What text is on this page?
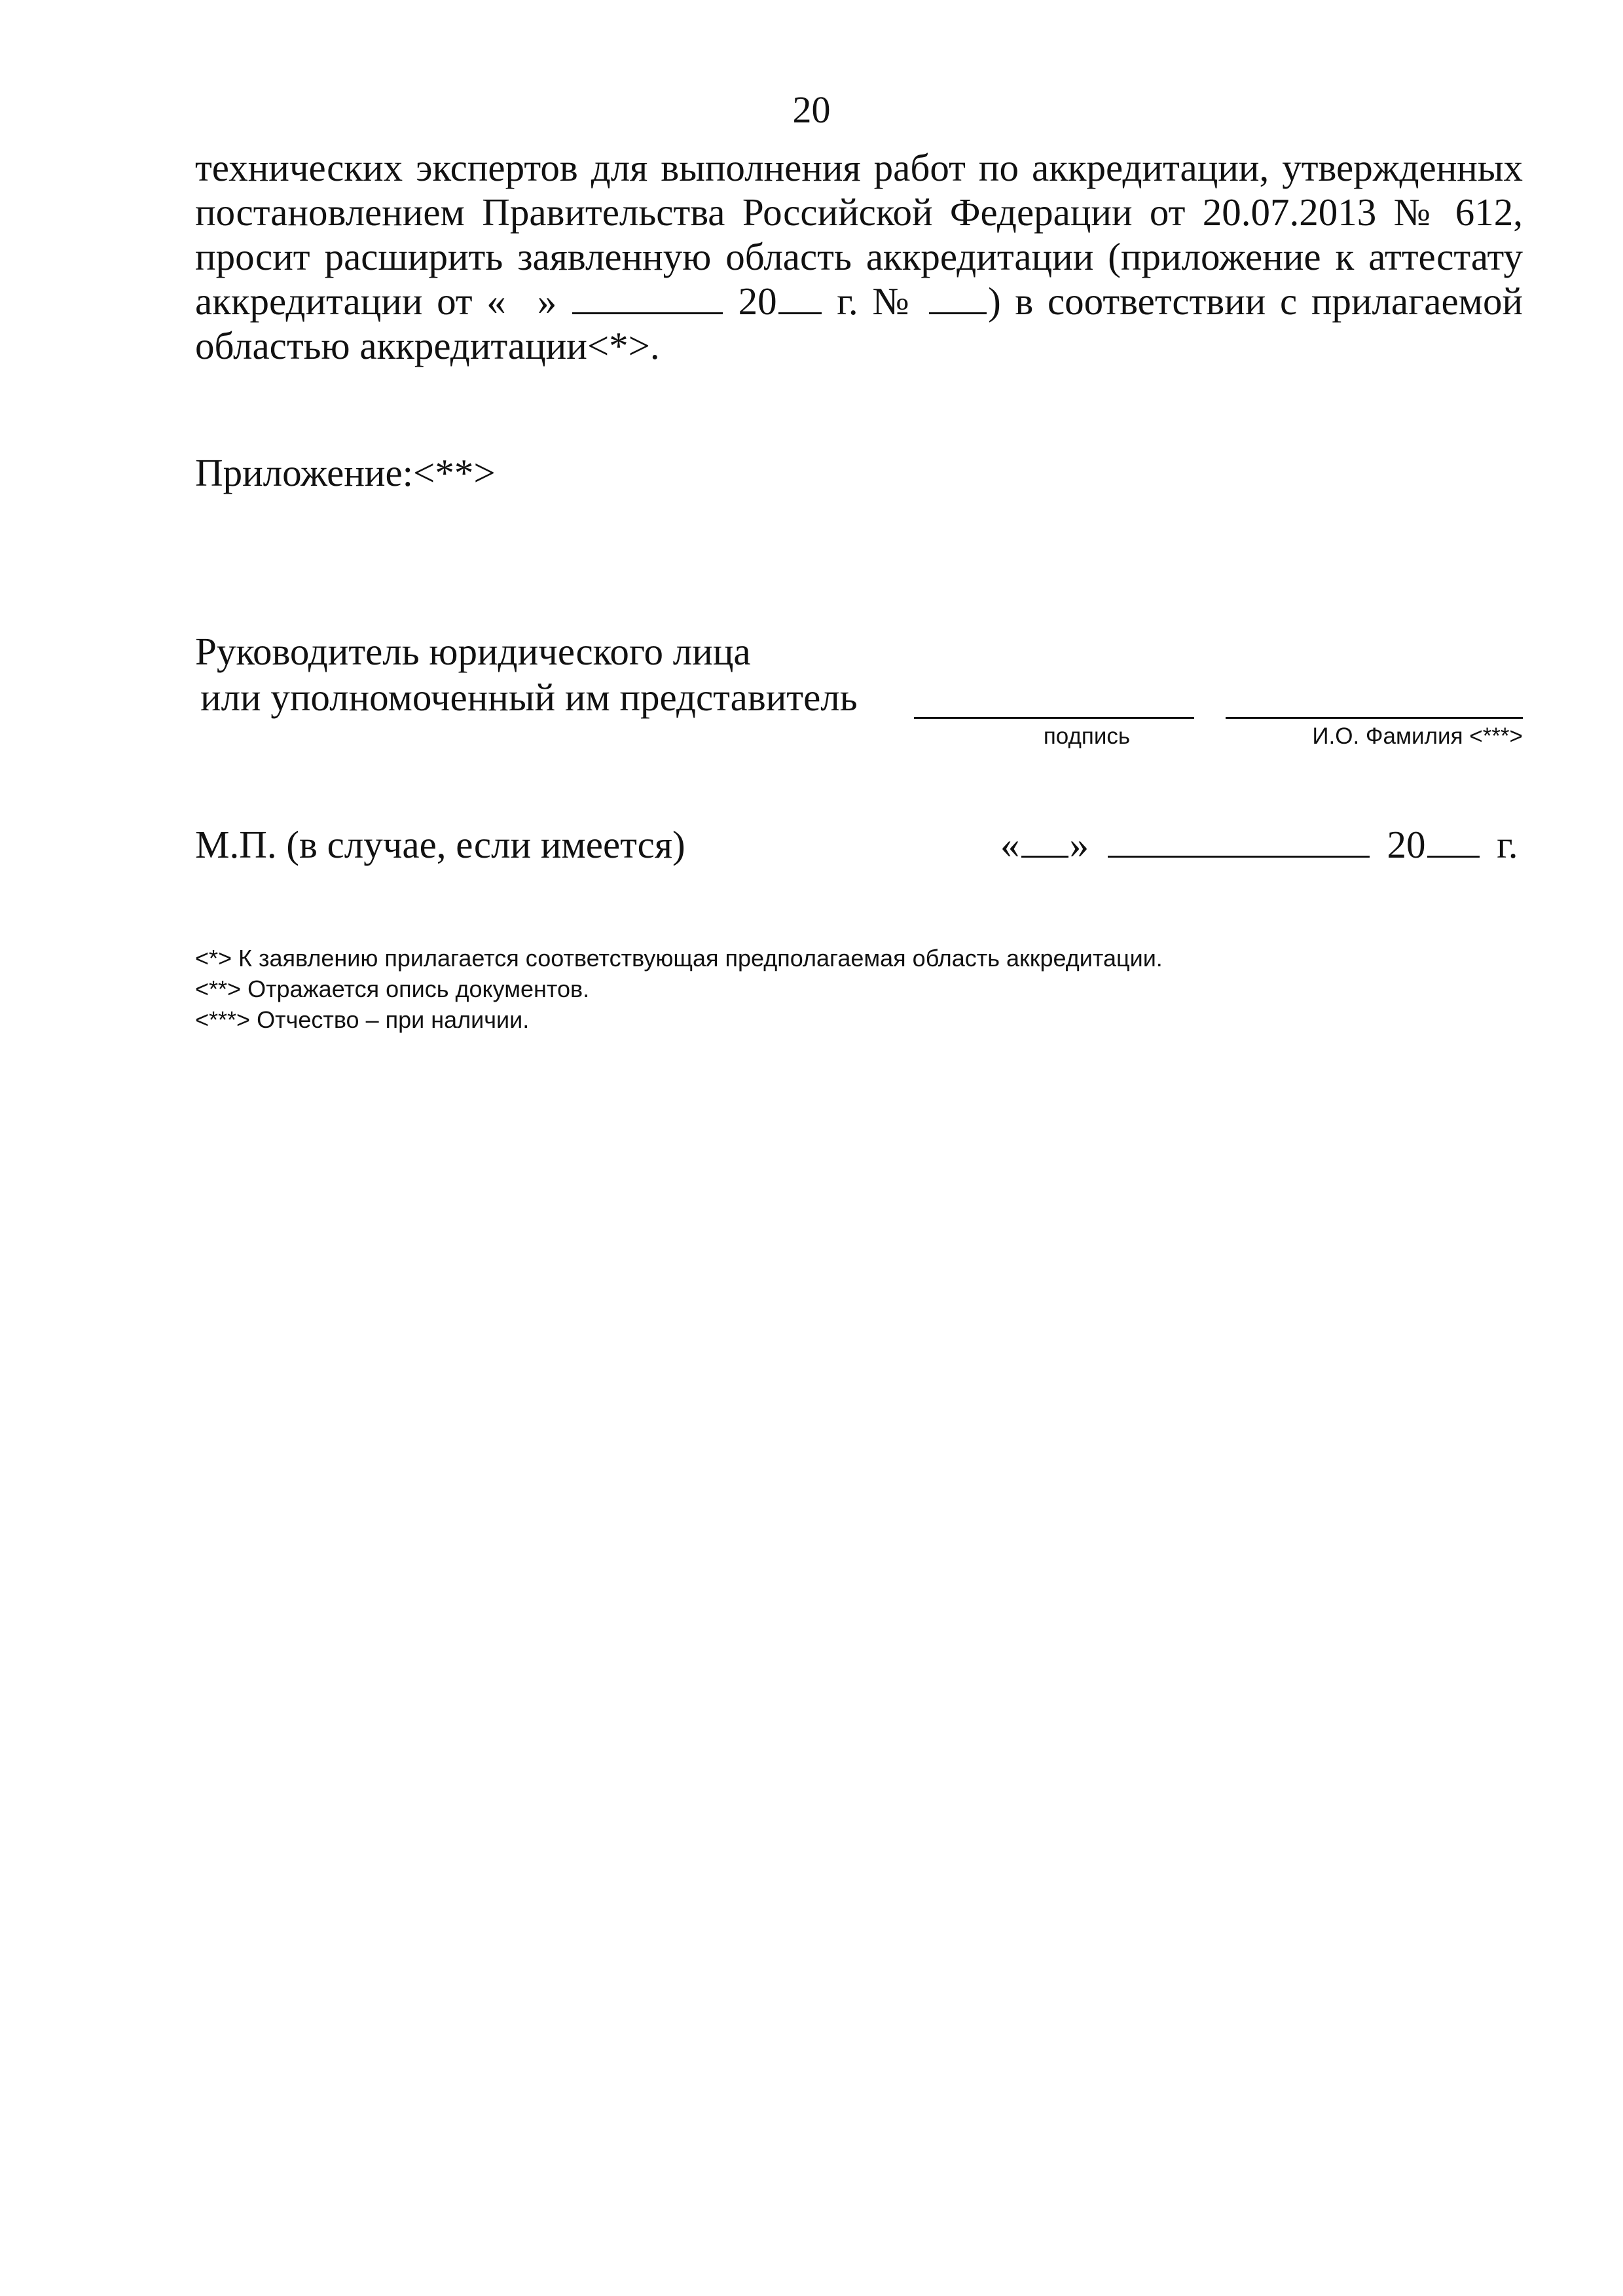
20
технических экспертов для выполнения работ по аккредитации, утвержденных
постановлением Правительства Российской Федерации от 20.07.2013 № 612,
просит расширить заявленную область аккредитации (приложение к аттестату
аккредитации от « »	20 г. № ) в соответствии с прилагаемой
областью аккредитации<*>.
Приложение:<**>
Руководитель юридического лица
или уполномоченный им представитель
подпись	И.О. Фамилия <***>
М.П. (в случае, если имеется)	« »	20 г.
<*> К заявлению прилагается соответствующая предполагаемая область аккредитации.
<**> Отражается опись документов.
<***> Отчество – при наличии.
